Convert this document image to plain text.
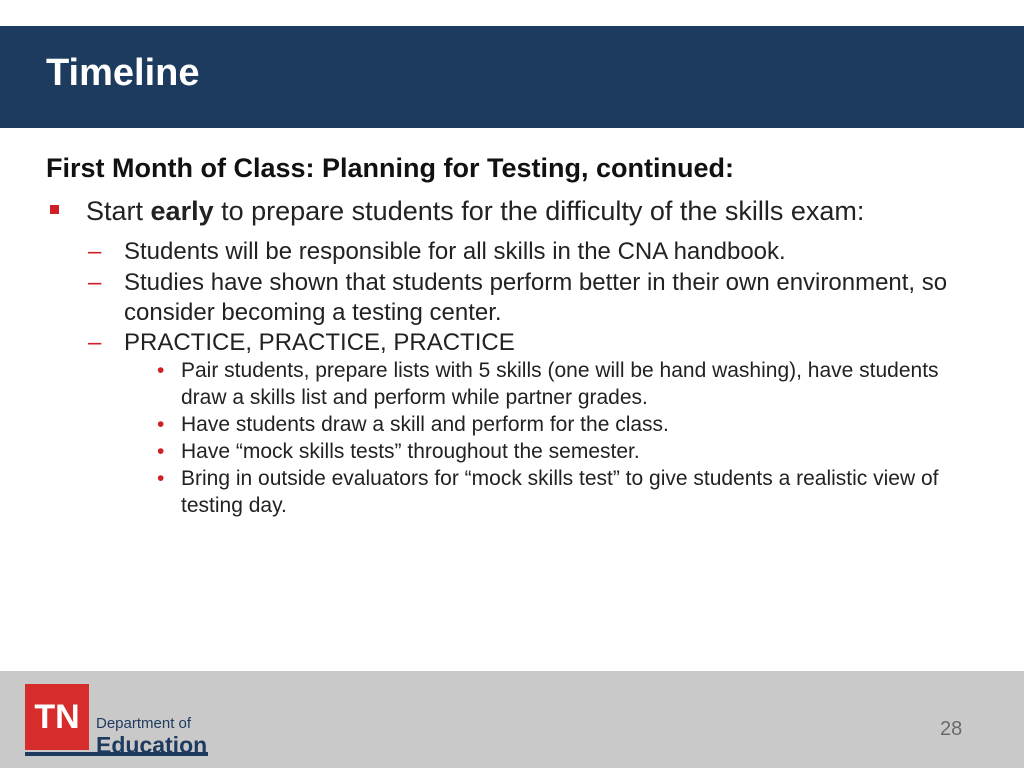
Timeline
First Month of Class: Planning for Testing, continued:
Start early to prepare students for the difficulty of the skills exam:
– Students will be responsible for all skills in the CNA handbook.
– Studies have shown that students perform better in their own environment, so consider becoming a testing center.
– PRACTICE, PRACTICE, PRACTICE
• Pair students, prepare lists with 5 skills (one will be hand washing), have students draw a skills list and perform while partner grades.
• Have students draw a skill and perform for the class.
• Have “mock skills tests” throughout the semester.
• Bring in outside evaluators for “mock skills test” to give students a realistic view of testing day.
TN	Department of
Education
28
